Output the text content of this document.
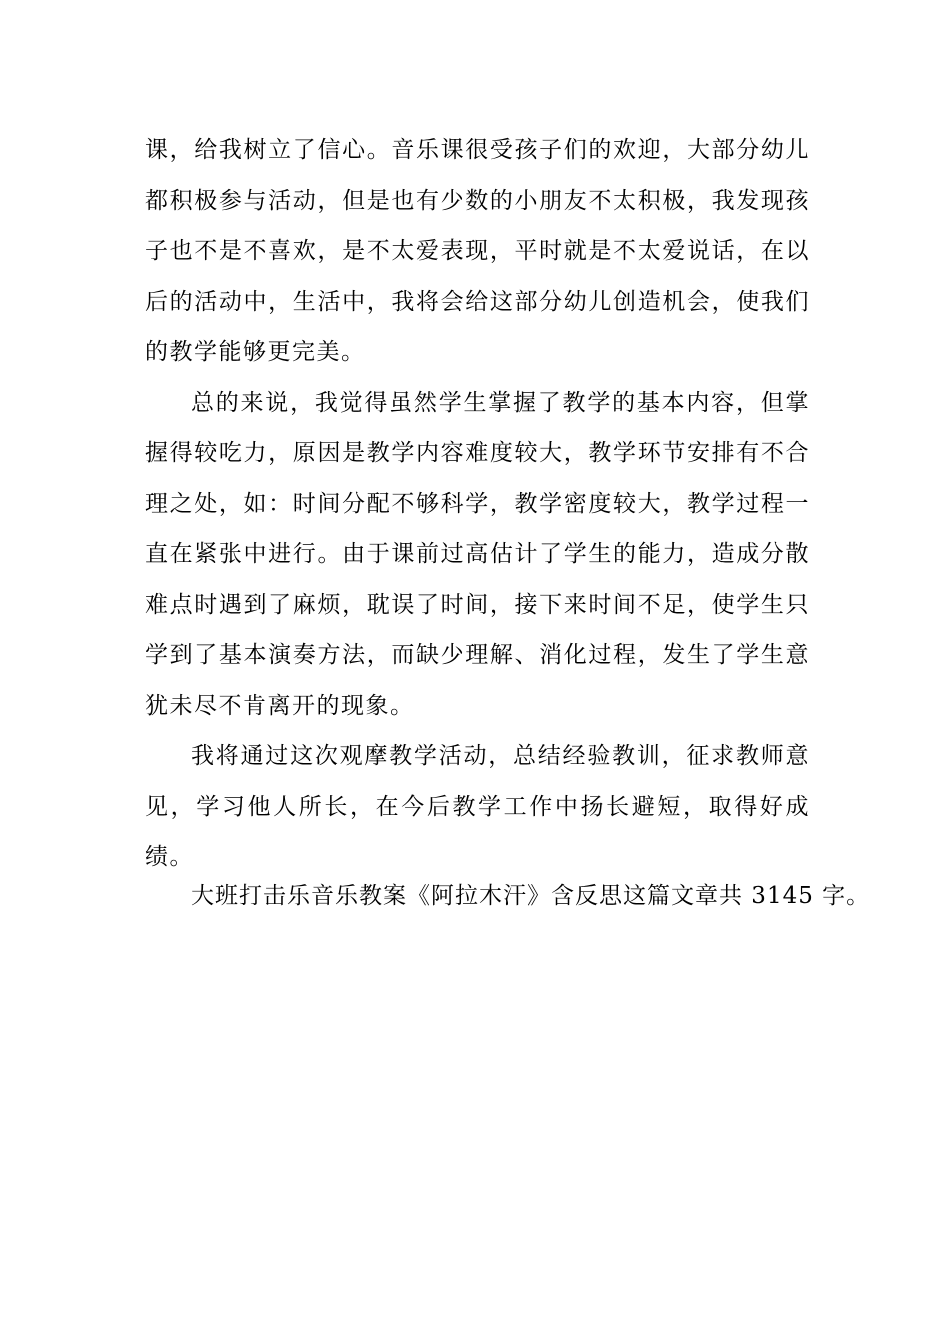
课，给我树立了信心。音乐课很受孩子们的欢迎，大部分幼儿都积极参与活动，但是也有少数的小朋友不太积极，我发现孩子也不是不喜欢，是不太爱表现，平时就是不太爱说话，在以后的活动中，生活中，我将会给这部分幼儿创造机会，使我们的教学能够更完美。

总的来说，我觉得虽然学生掌握了教学的基本内容，但掌握得较吃力，原因是教学内容难度较大，教学环节安排有不合理之处，如：时间分配不够科学，教学密度较大，教学过程一直在紧张中进行。由于课前过高估计了学生的能力，造成分散难点时遇到了麻烦，耽误了时间，接下来时间不足，使学生只学到了基本演奏方法，而缺少理解、消化过程，发生了学生意犹未尽不肯离开的现象。

我将通过这次观摩教学活动，总结经验教训，征求教师意见，学习他人所长，在今后教学工作中扬长避短，取得好成绩。

大班打击乐音乐教案《阿拉木汗》含反思这篇文章共 3145 字。
